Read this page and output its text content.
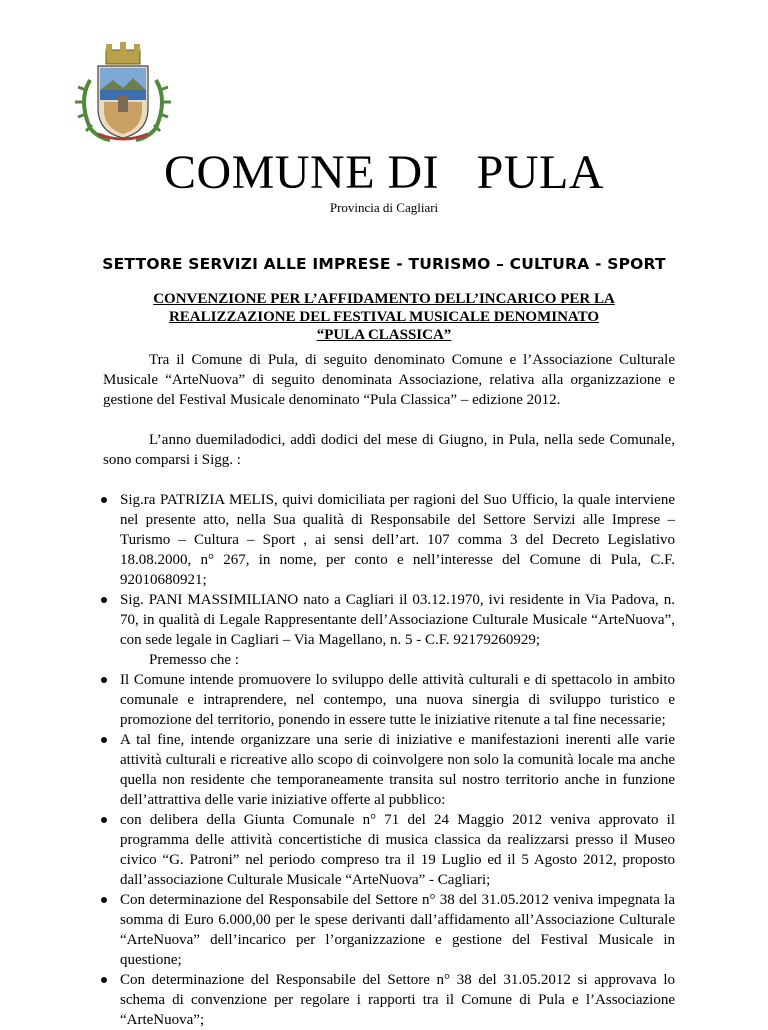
COMUNE DI   PULA
Provincia di Cagliari
SETTORE SERVIZI ALLE IMPRESE - TURISMO – CULTURA - SPORT
CONVENZIONE PER L’AFFIDAMENTO DELL’INCARICO PER LA
REALIZZAZIONE DEL FESTIVAL MUSICALE DENOMINATO
“PULA CLASSICA”

Tra il Comune di Pula, di seguito denominato Comune e l’Associazione Culturale Musicale “ArteNuova” di seguito denominata Associazione, relativa alla organizzazione e gestione del Festival Musicale denominato “Pula Classica” – edizione 2012.

L’anno duemiladodici, addì dodici del mese di Giugno, in Pula, nella sede Comunale, sono comparsi i Sigg. :

Sig.ra PATRIZIA MELIS, quivi domiciliata per ragioni del Suo Ufficio, la quale interviene nel presente atto, nella Sua qualità di Responsabile del Settore Servizi alle Imprese – Turismo – Cultura – Sport , ai sensi dell’art. 107 comma 3 del Decreto Legislativo 18.08.2000, n° 267, in nome, per conto e nell’interesse del Comune di Pula, C.F. 92010680921;
Sig. PANI MASSIMILIANO nato a Cagliari il 03.12.1970, ivi residente in Via Padova, n. 70, in qualità di Legale Rappresentante dell’Associazione Culturale Musicale “ArteNuova”, con sede legale in Cagliari – Via Magellano, n. 5 - C.F. 92179260929;

Premesso che :

Il Comune intende promuovere lo sviluppo delle attività culturali e di spettacolo in ambito comunale e intraprendere, nel contempo, una nuova sinergia di sviluppo turistico e promozione del territorio, ponendo in essere tutte le iniziative ritenute a tal fine necessarie;
A tal fine, intende organizzare una serie di iniziative e manifestazioni inerenti alle varie attività culturali e ricreative allo scopo di coinvolgere non solo la comunità locale ma anche quella non residente che temporaneamente transita sul nostro territorio anche in funzione dell’attrattiva delle varie iniziative offerte al pubblico:
con delibera della Giunta Comunale n° 71 del 24 Maggio 2012 veniva approvato il programma delle attività concertistiche di musica classica da realizzarsi presso il Museo civico “G. Patroni” nel periodo compreso tra il 19 Luglio ed il 5 Agosto 2012, proposto dall’associazione Culturale Musicale “ArteNuova” - Cagliari;
Con determinazione del Responsabile del Settore n° 38 del 31.05.2012 veniva impegnata la somma di Euro 6.000,00 per le spese derivanti dall’affidamento all’Associazione Culturale “ArteNuova” dell’incarico per l’organizzazione e gestione del Festival Musicale in questione;
Con determinazione del Responsabile del Settore n° 38 del 31.05.2012 si approvava lo schema di convenzione per regolare i rapporti tra il Comune di Pula e l’Associazione “ArteNuova”;
